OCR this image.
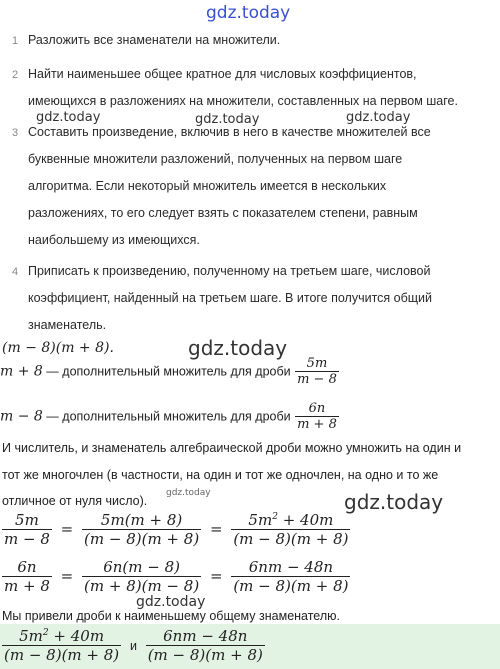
gdz.today
gdz.today	gdz.today	gdz.today
gdz.today
gdz.today	gdz.today
gdz.today
1 Разложить все знаменатели на множители.
2 Найти наименьшее общее кратное для числовых коэффициентов,
имеющихся в разложениях на множители, составленных на первом шаге.
3 Составить произведение, включив в него в качестве множителей все
буквенные множители разложений, полученных на первом шаге
алгоритма. Если некоторый множитель имеется в нескольких
разложениях, то его следует взять с показателем степени, равным
наибольшему из имеющихся.
4 Приписать к произведению, полученному на третьем шаге, числовой
коэффициент, найденный на третьем шаге. В итоге получится общий
знаменатель.
(m − 8)(m + 8).
m + 8 — дополнительный множитель для дроби $\frac{5m}{m - 8}$
m − 8 — дополнительный множитель для дроби $\frac{6n}{m + 8}$
И числитель, и знаменатель алгебраической дроби можно умножить на один и
тот же многочлен (в частности, на один и тот же одночлен, на одно и то же
отличное от нуля число).
$\frac{5m}{m - 8} = \frac{5m(m + 8)}{(m - 8)(m + 8)} = \frac{5m^2 + 40m}{(m - 8)(m + 8)}$
$\frac{6n}{m + 8} = \frac{6n(m - 8)}{(m + 8)(m - 8)} = \frac{6nm - 48n}{(m - 8)(m + 8)}$
Мы привели дроби к наименьшему общему знаменателю.
$\frac{5m^2 + 40m}{(m - 8)(m + 8)}$ и $\frac{6nm - 48n}{(m - 8)(m + 8)}$
